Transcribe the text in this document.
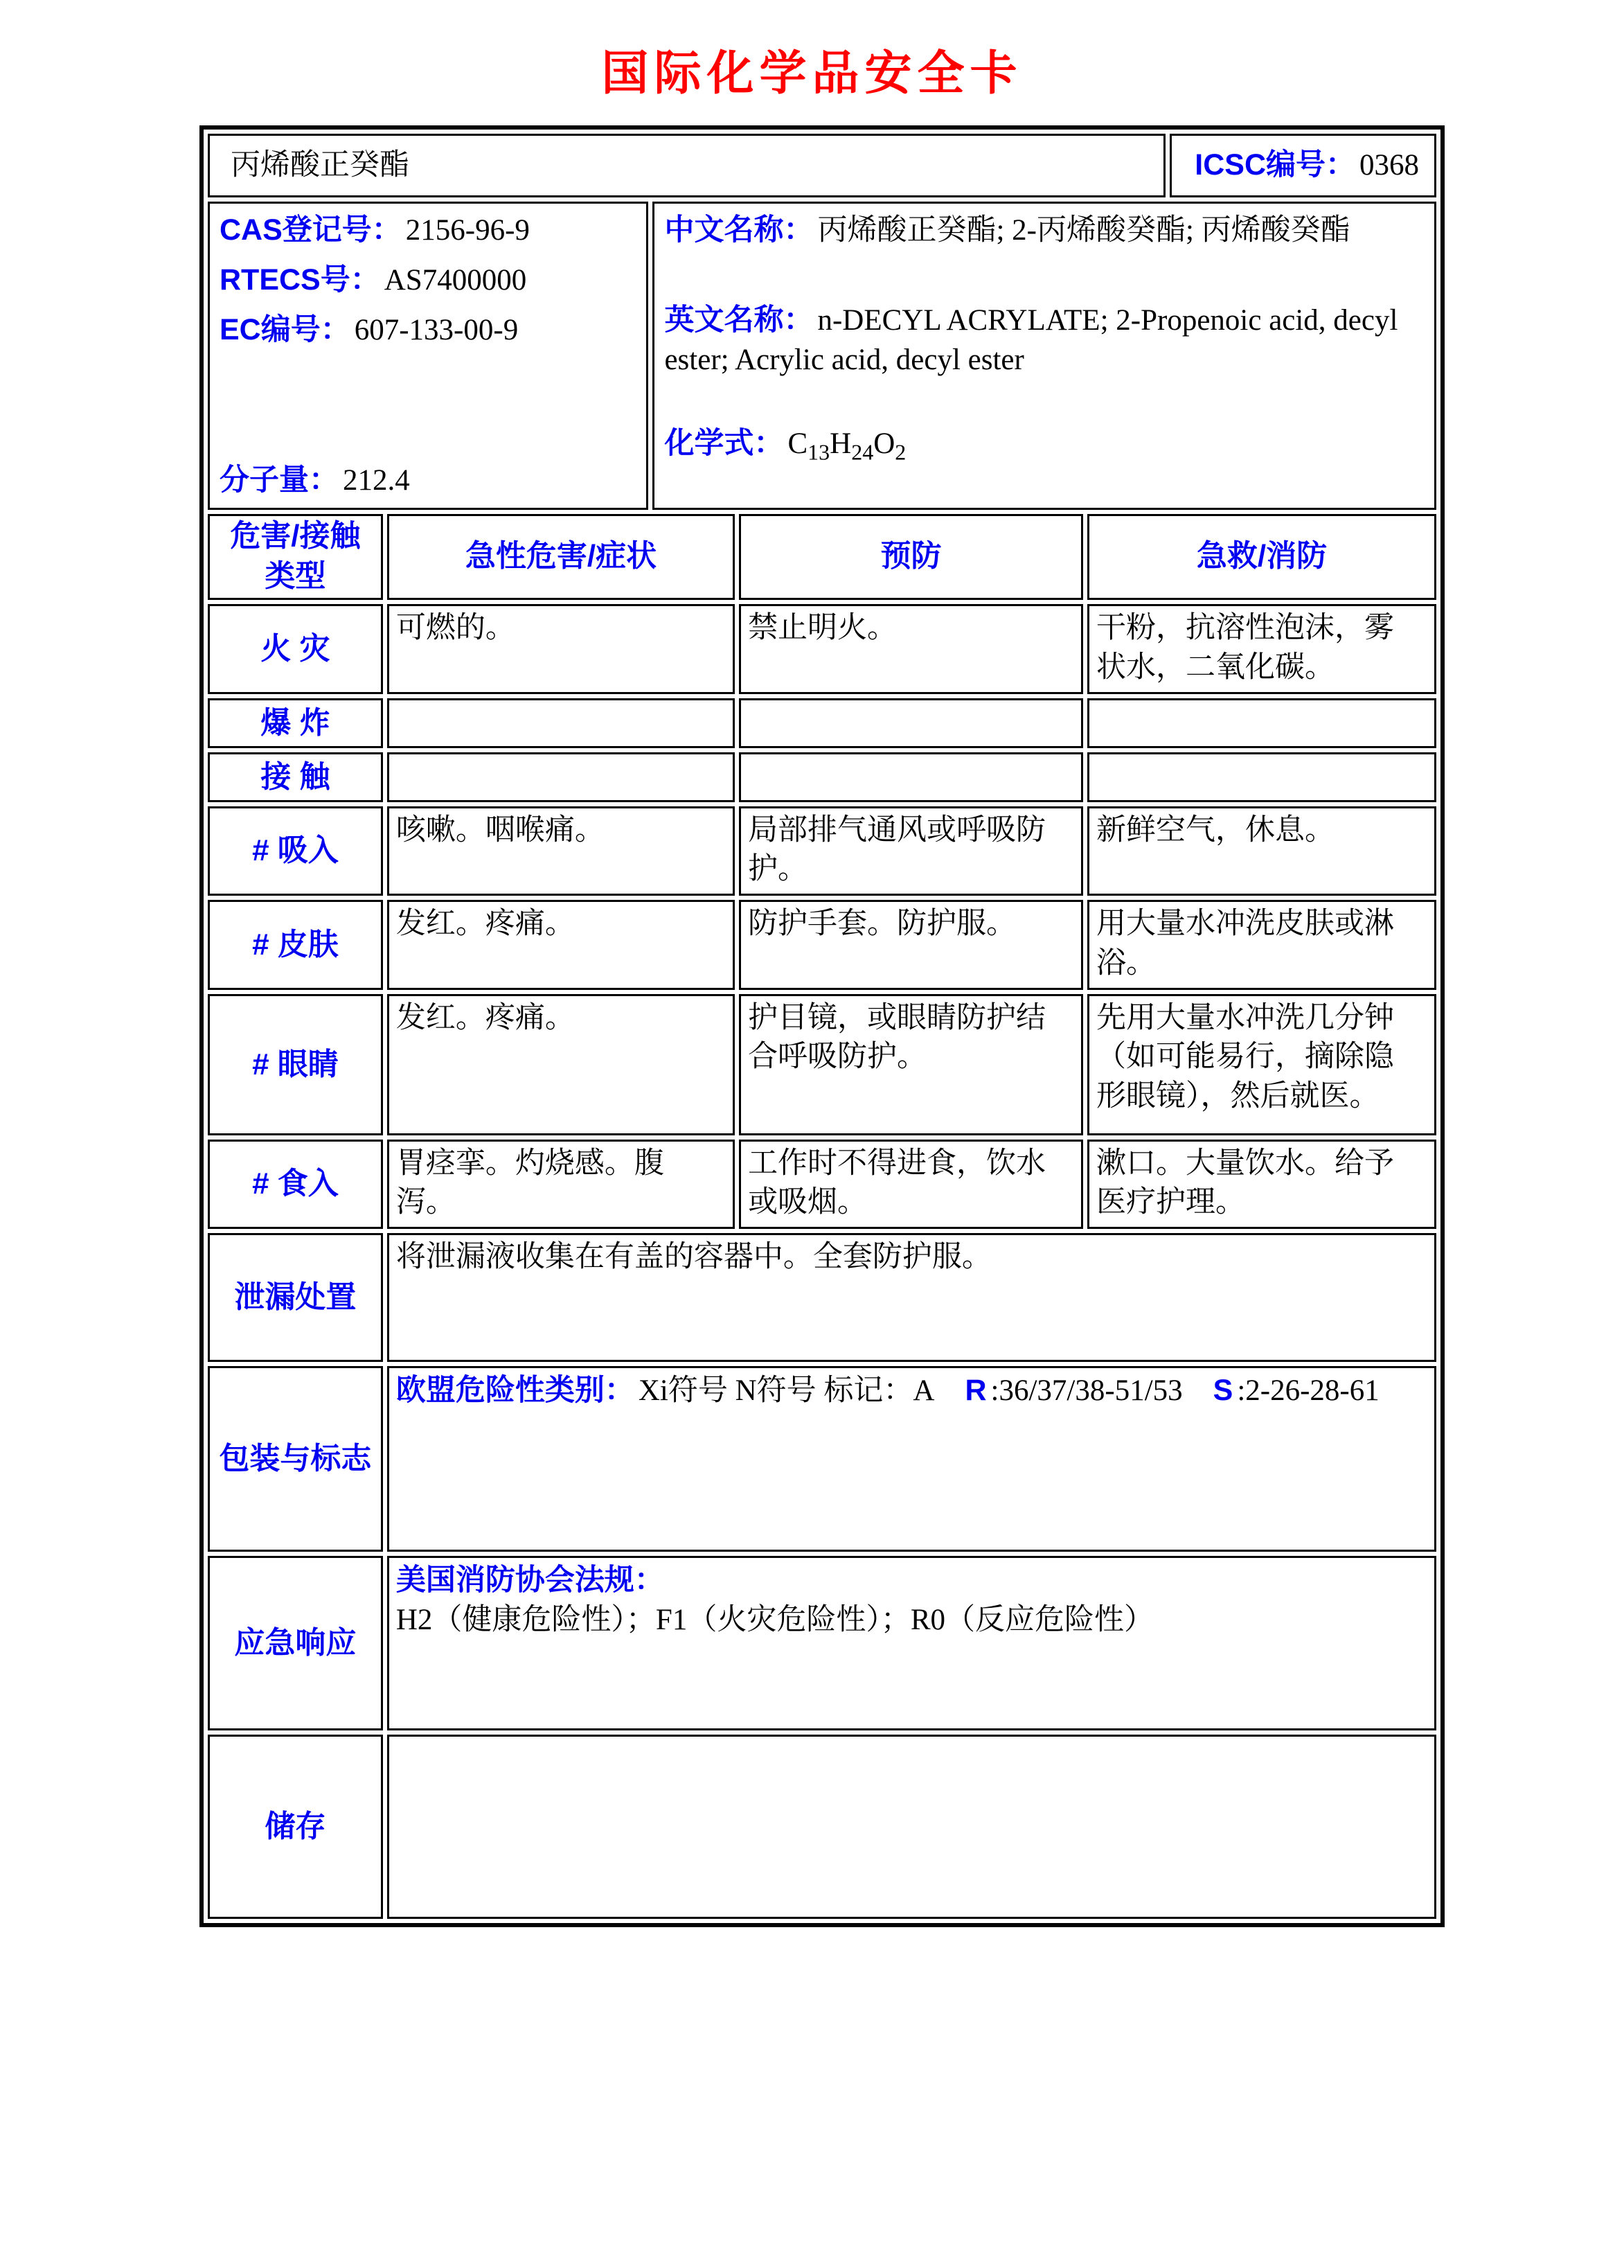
国际化学品安全卡
丙烯酸正癸酯	ICSC编号： 0368

CAS登记号： 2156-96-9

RTECS号： AS7400000

EC编号： 607-133-00-9

分子量： 212.4

中文名称： 丙烯酸正癸酯; 2-丙烯酸癸酯; 丙烯酸癸酯

英文名称： n-DECYL ACRYLATE; 2-Propenoic acid, decyl ester; Acrylic acid, decyl ester

化学式： $C_{13}H_{24}O_2$

危害/接触
类型	急性危害/症状	预防	急救/消防
火 灾	可燃的。	禁止明火。	干粉，抗溶性泡沫，雾状水，二氧化碳。
爆 炸			
接 触			
# 吸入	咳嗽。咽喉痛。	局部排气通风或呼吸防护。	新鲜空气，休息。
# 皮肤	发红。疼痛。	防护手套。防护服。	用大量水冲洗皮肤或淋浴。
# 眼睛	发红。疼痛。	护目镜，或眼睛防护结合呼吸防护。	先用大量水冲洗几分钟（如可能易行，摘除隐形眼镜），然后就医。
# 食入	胃痉挛。灼烧感。腹泻。	工作时不得进食，饮水或吸烟。	漱口。大量饮水。给予医疗护理。
泄漏处置	将泄漏液收集在有盖的容器中。全套防护服。		
包装与标志	欧盟危险性类别： Xi符号 N符号 标记：A R :36/37/38-51/53 S :2-26-28-61		
应急响应	美国消防协会法规：H2（健康危险性）；F1（火灾危险性）；R0（反应危险性）		
储存			
